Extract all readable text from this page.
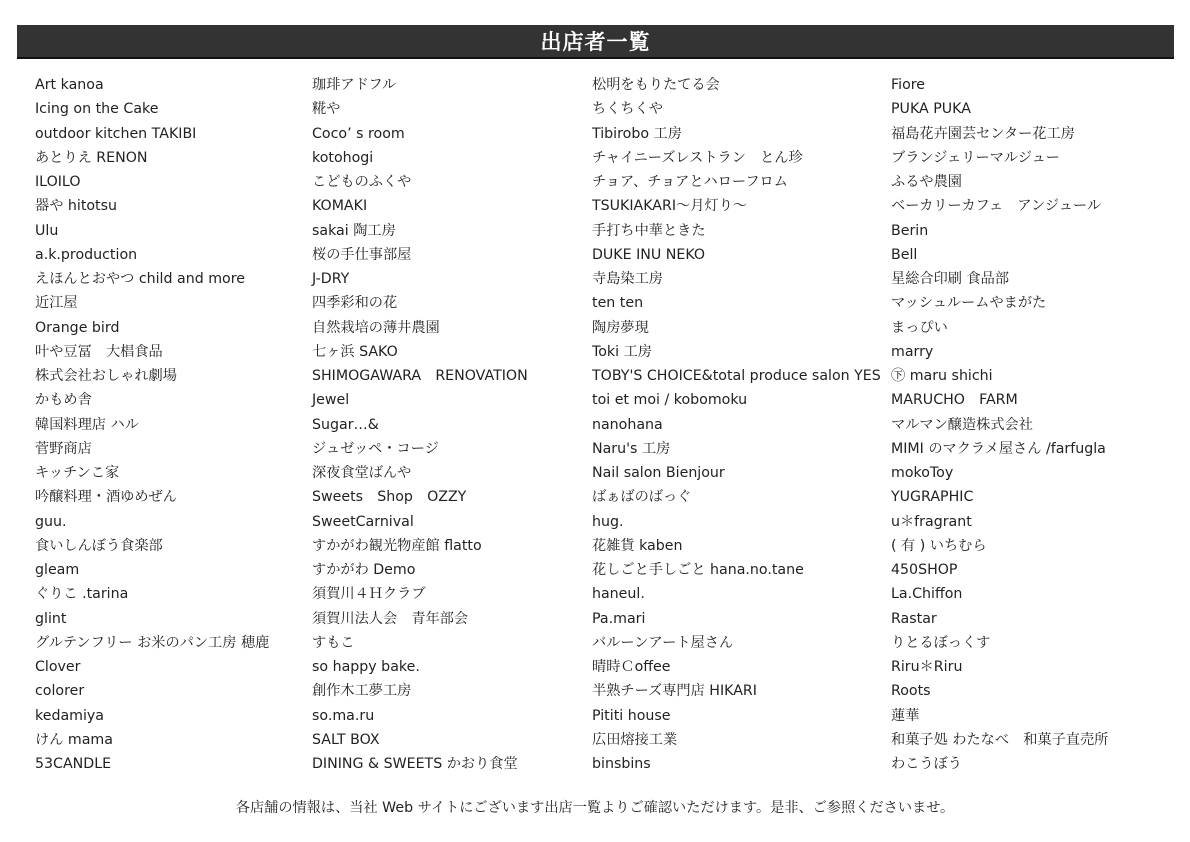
出店者一覧
Art kanoa
Icing on the Cake
outdoor kitchen TAKIBI
あとりえ RENON
ILOILO
器や hitotsu
Ulu
a.k.production
えほんとおやつ child and more
近江屋
Orange bird
叶や豆冨　大椙食品
株式会社おしゃれ劇場
かもめ舎
韓国料理店 ハル
菅野商店
キッチンこ家
吟醸料理・酒ゆめぜん
guu.
食いしんぼう食楽部
gleam
ぐりこ .tarina
glint
グルテンフリー お米のパン工房 穂鹿
Clover
colorer
kedamiya
けん mama
53CANDLE
珈琲アドフル
糀や
Coco’ s room
kotohogi
こどものふくや
KOMAKI
sakai 陶工房
桜の手仕事部屋
J-DRY
四季彩和の花
自然栽培の薄井農園
七ヶ浜 SAKO
SHIMOGAWARA　RENOVATION
Jewel
Sugar…&
ジュゼッペ・コージ
深夜食堂ばんや
Sweets　Shop　OZZY
SweetCarnival
すかがわ観光物産館 flatto
すかがわ Demo
須賀川４Ｈクラブ
須賀川法人会　青年部会
すもこ
so happy bake.
創作木工夢工房
so.ma.ru
SALT BOX
DINING & SWEETS かおり食堂
松明をもりたてる会
ちくちくや
Tibirobo 工房
チャイニーズレストラン　とん珍
チョア、チョアとハローフロム
TSUKIAKARI〜月灯り〜
手打ち中華ときた
DUKE INU NEKO
寺島染工房
ten ten
陶房夢現
Toki 工房
TOBY'S CHOICE&total produce salon YES
toi et moi / kobomoku
nanohana
Naru's 工房
Nail salon Bienjour
ばぁばのばっぐ
hug.
花雑貨 kaben
花しごと手しごと hana.no.tane
haneul.
Pa.mari
バルーンアート屋さん
晴時Ｃoffee
半熟チーズ専門店 HIKARI
Pititi house
広田熔接工業
binsbins
Fiore
PUKA PUKA
福島花卉園芸センター花工房
ブランジェリーマルジュー
ふるや農園
ベーカリーカフェ　アンジュール
Berin
Bell
星総合印刷 食品部
マッシュルームやまがた
まっぴい
marry
㊦ maru shichi
MARUCHO　FARM
マルマン醸造株式会社
MIMI のマクラメ屋さん /farfugla
mokoToy
YUGRAPHIC
u＊fragrant
( 有 ) いちむら
450SHOP
La.Chiffon
Rastar
りとるぼっくす
Riru＊Riru
Roots
蓮華
和菓子処 わたなべ　和菓子直売所
わこうぼう
各店舗の情報は、当社 Web サイトにございます出店一覧よりご確認いただけます。是非、ご参照くださいませ。
